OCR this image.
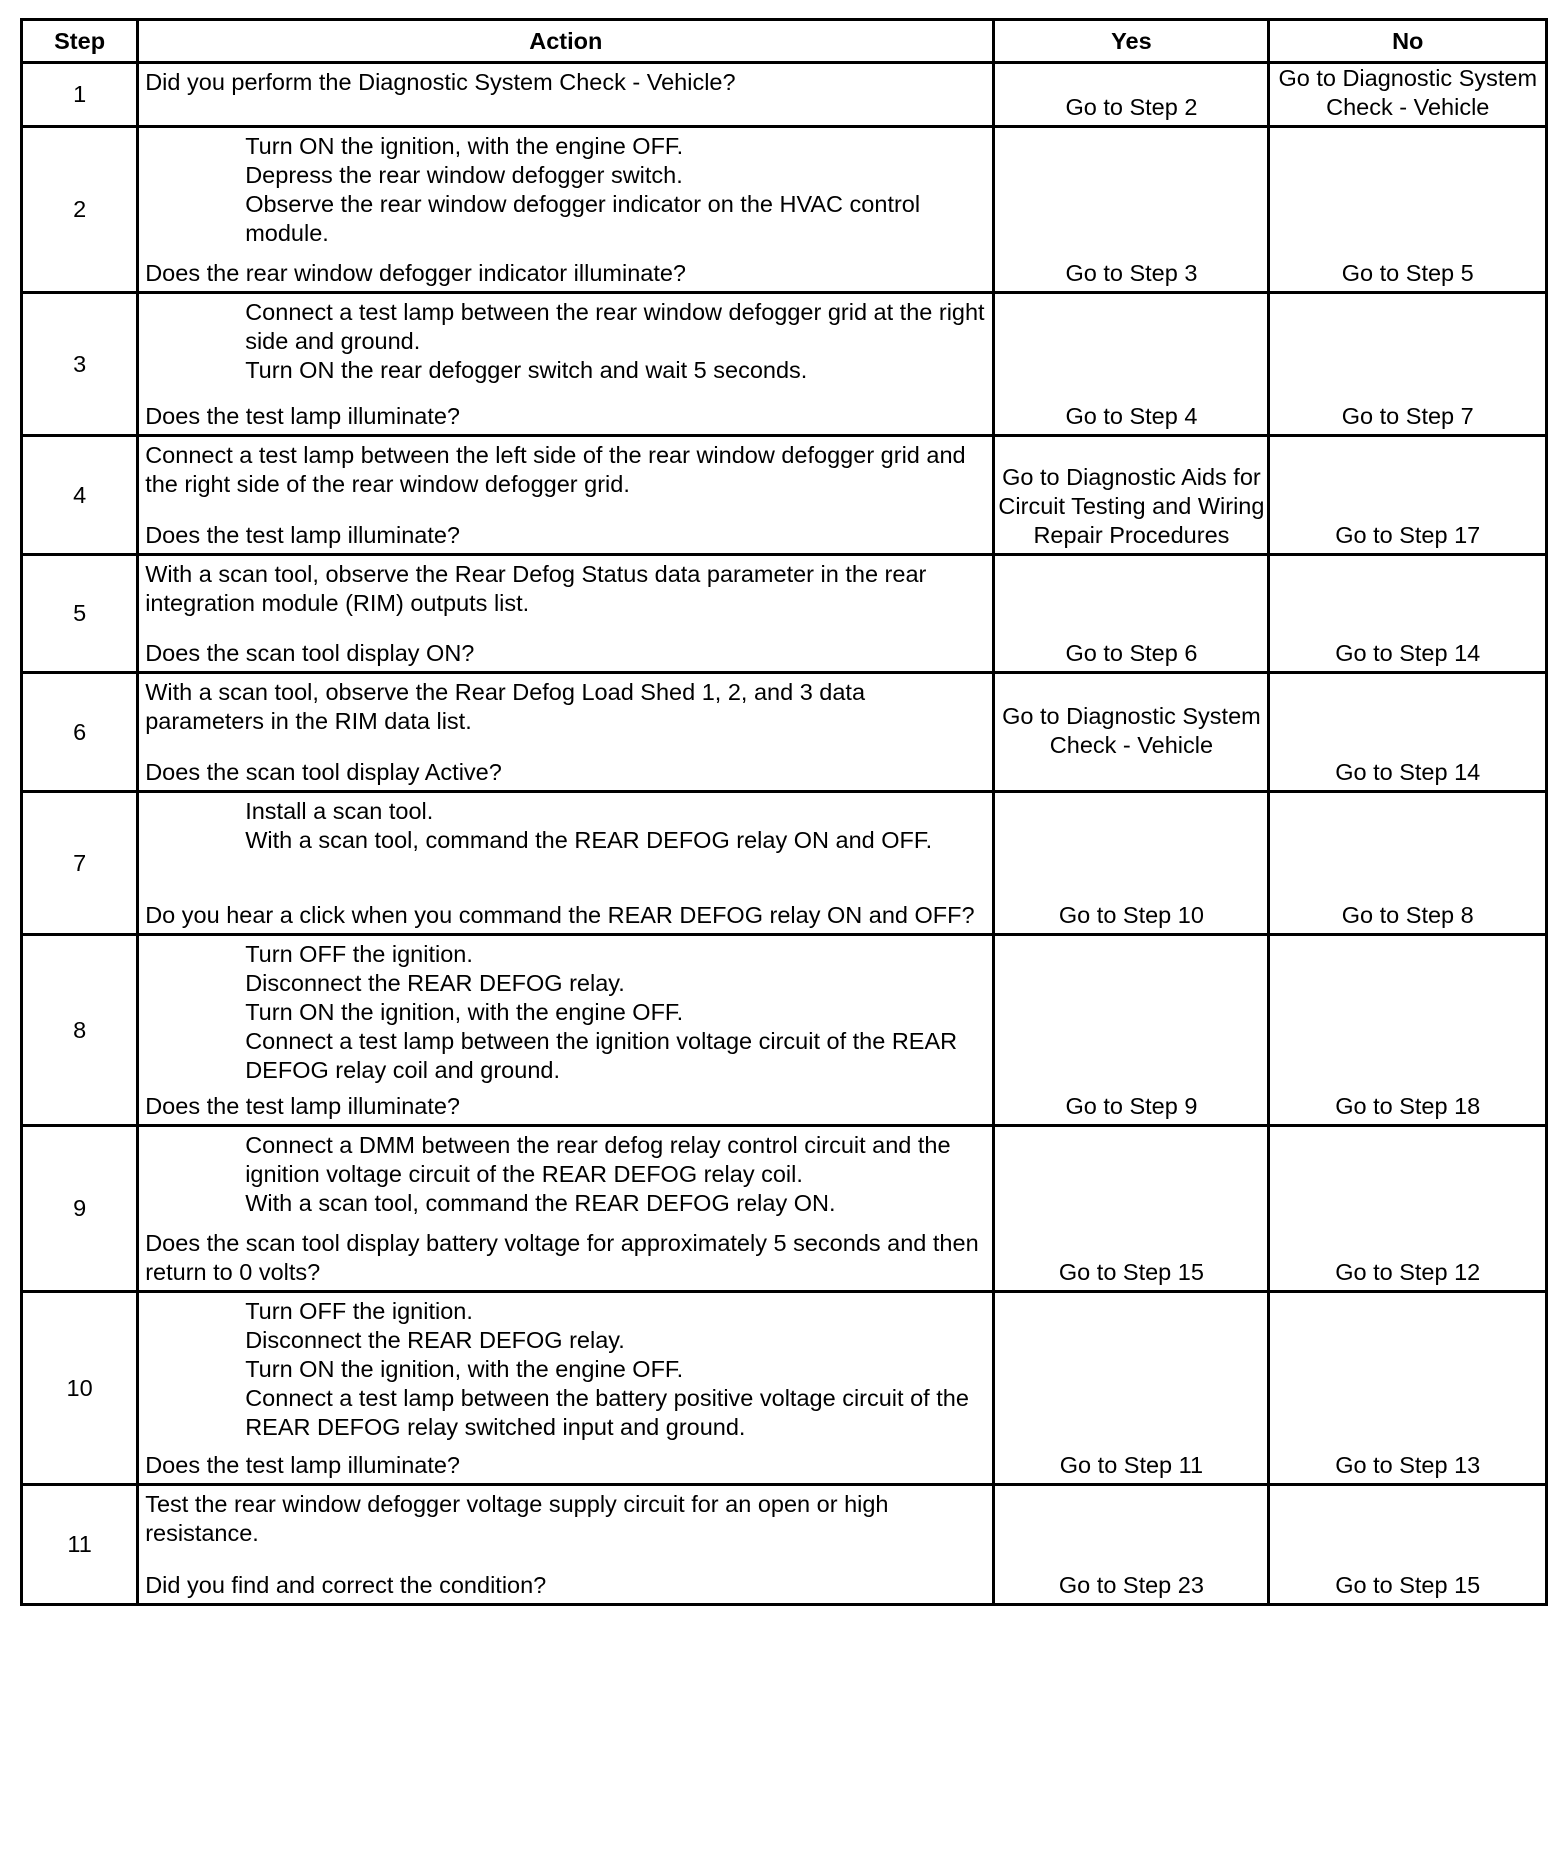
Step	Action	Yes	No
1	Did you perform the Diagnostic System Check - Vehicle?	Go to Step 2	Go to Diagnostic System Check - Vehicle
2	Turn ON the ignition, with the engine OFF.
Depress the rear window defogger switch.
Observe the rear window defogger indicator on the HVAC control module.
Does the rear window defogger indicator illuminate?	Go to Step 3	Go to Step 5
3	Connect a test lamp between the rear window defogger grid at the right side and ground.
Turn ON the rear defogger switch and wait 5 seconds.
Does the test lamp illuminate?	Go to Step 4	Go to Step 7
4	Connect a test lamp between the left side of the rear window defogger grid and the right side of the rear window defogger grid.
Does the test lamp illuminate?	Go to Diagnostic Aids for Circuit Testing and Wiring Repair Procedures	Go to Step 17
5	With a scan tool, observe the Rear Defog Status data parameter in the rear integration module (RIM) outputs list.
Does the scan tool display ON?	Go to Step 6	Go to Step 14
6	With a scan tool, observe the Rear Defog Load Shed 1, 2, and 3 data parameters in the RIM data list.
Does the scan tool display Active?	Go to Diagnostic System Check - Vehicle	Go to Step 14
7	Install a scan tool.
With a scan tool, command the REAR DEFOG relay ON and OFF.
Do you hear a click when you command the REAR DEFOG relay ON and OFF?	Go to Step 10	Go to Step 8
8	Turn OFF the ignition.
Disconnect the REAR DEFOG relay.
Turn ON the ignition, with the engine OFF.
Connect a test lamp between the ignition voltage circuit of the REAR DEFOG relay coil and ground.
Does the test lamp illuminate?	Go to Step 9	Go to Step 18
9	Connect a DMM between the rear defog relay control circuit and the ignition voltage circuit of the REAR DEFOG relay coil.
With a scan tool, command the REAR DEFOG relay ON.
Does the scan tool display battery voltage for approximately 5 seconds and then return to 0 volts?	Go to Step 15	Go to Step 12
10	Turn OFF the ignition.
Disconnect the REAR DEFOG relay.
Turn ON the ignition, with the engine OFF.
Connect a test lamp between the battery positive voltage circuit of the REAR DEFOG relay switched input and ground.
Does the test lamp illuminate?	Go to Step 11	Go to Step 13
11	Test the rear window defogger voltage supply circuit for an open or high resistance.
Did you find and correct the condition?	Go to Step 23	Go to Step 15
